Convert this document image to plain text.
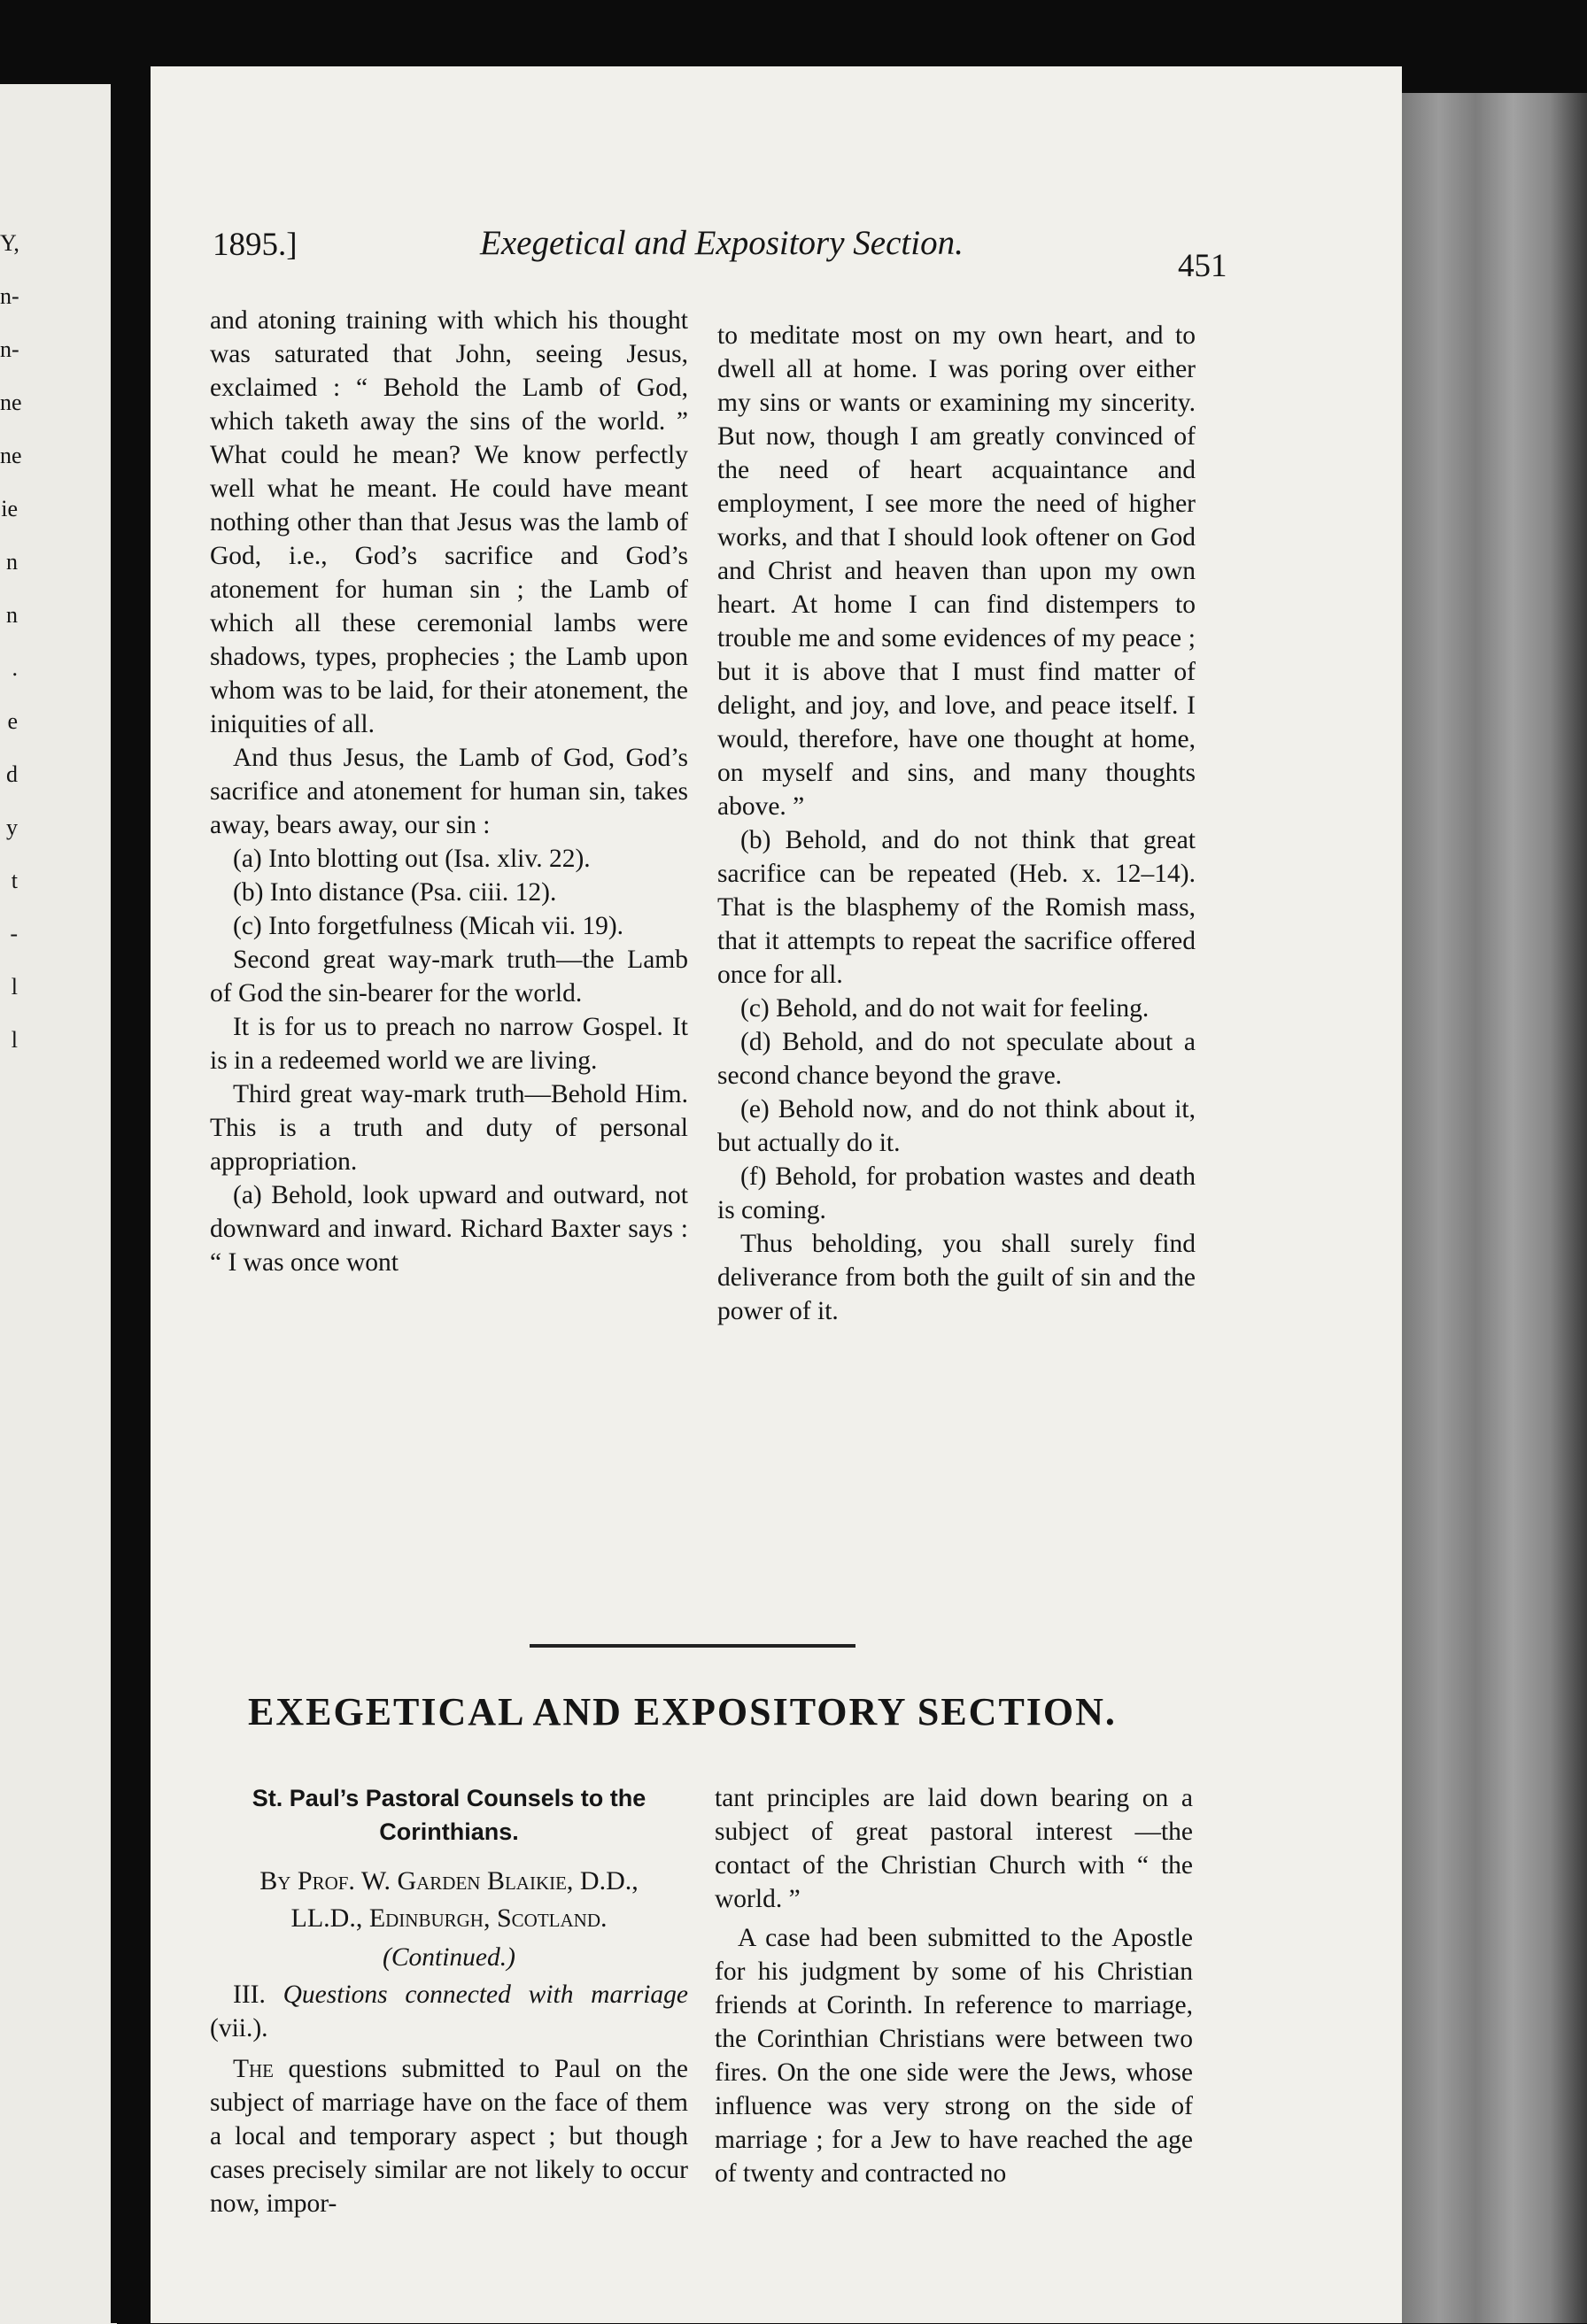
Y,
n-
n-
ne
ne
ie
n
n
.
e
d
y
t
-
l
l
1895.]	Exegetical and Expository Section.
451

and atoning training with which his thought was saturated that John, seeing Jesus, exclaimed : “ Behold the Lamb of God, which taketh away the sins of the world. ” What could he mean? We know perfectly well what he meant. He could have meant nothing other than that Jesus was the lamb of God, i.e., God’s sacrifice and God’s atonement for human sin ; the Lamb of which all these ceremonial lambs were shadows, types, prophecies ; the Lamb upon whom was to be laid, for their atonement, the iniquities of all.

And thus Jesus, the Lamb of God, God’s sacrifice and atonement for human sin, takes away, bears away, our sin :

(a) Into blotting out (Isa. xliv. 22).

(b) Into distance (Psa. ciii. 12).

(c) Into forgetfulness (Micah vii. 19).

Second great way-mark truth—the Lamb of God the sin-bearer for the world.

It is for us to preach no narrow Gospel. It is in a redeemed world we are living.

Third great way-mark truth—Behold Him. This is a truth and duty of personal appropriation.

(a) Behold, look upward and outward, not downward and inward. Richard Baxter says : “ I was once wont

to meditate most on my own heart, and to dwell all at home. I was poring over either my sins or wants or examining my sincerity. But now, though I am greatly convinced of the need of heart acquaintance and employment, I see more the need of higher works, and that I should look oftener on God and Christ and heaven than upon my own heart. At home I can find distempers to trouble me and some evidences of my peace ; but it is above that I must find matter of delight, and joy, and love, and peace itself. I would, therefore, have one thought at home, on myself and sins, and many thoughts above. ”

(b) Behold, and do not think that great sacrifice can be repeated (Heb. x. 12–14). That is the blasphemy of the Romish mass, that it attempts to repeat the sacrifice offered once for all.

(c) Behold, and do not wait for feeling.

(d) Behold, and do not speculate about a second chance beyond the grave.

(e) Behold now, and do not think about it, but actually do it.

(f) Behold, for probation wastes and death is coming.

Thus beholding, you shall surely find deliverance from both the guilt of sin and the power of it.

EXEGETICAL AND EXPOSITORY SECTION.
St. Paul’s Pastoral Counsels to the
Corinthians.
By Prof. W. Garden Blaikie, D.D.,
LL.D., Edinburgh, Scotland.
(Continued.)

III. Questions connected with marriage (vii.).

The questions submitted to Paul on the subject of marriage have on the face of them a local and temporary aspect ; but though cases precisely similar are not likely to occur now, impor-

tant principles are laid down bearing on a subject of great pastoral interest —the contact of the Christian Church with “ the world. ”

A case had been submitted to the Apostle for his judgment by some of his Christian friends at Corinth. In reference to marriage, the Corinthian Christians were between two fires. On the one side were the Jews, whose influence was very strong on the side of marriage ; for a Jew to have reached the age of twenty and contracted no
